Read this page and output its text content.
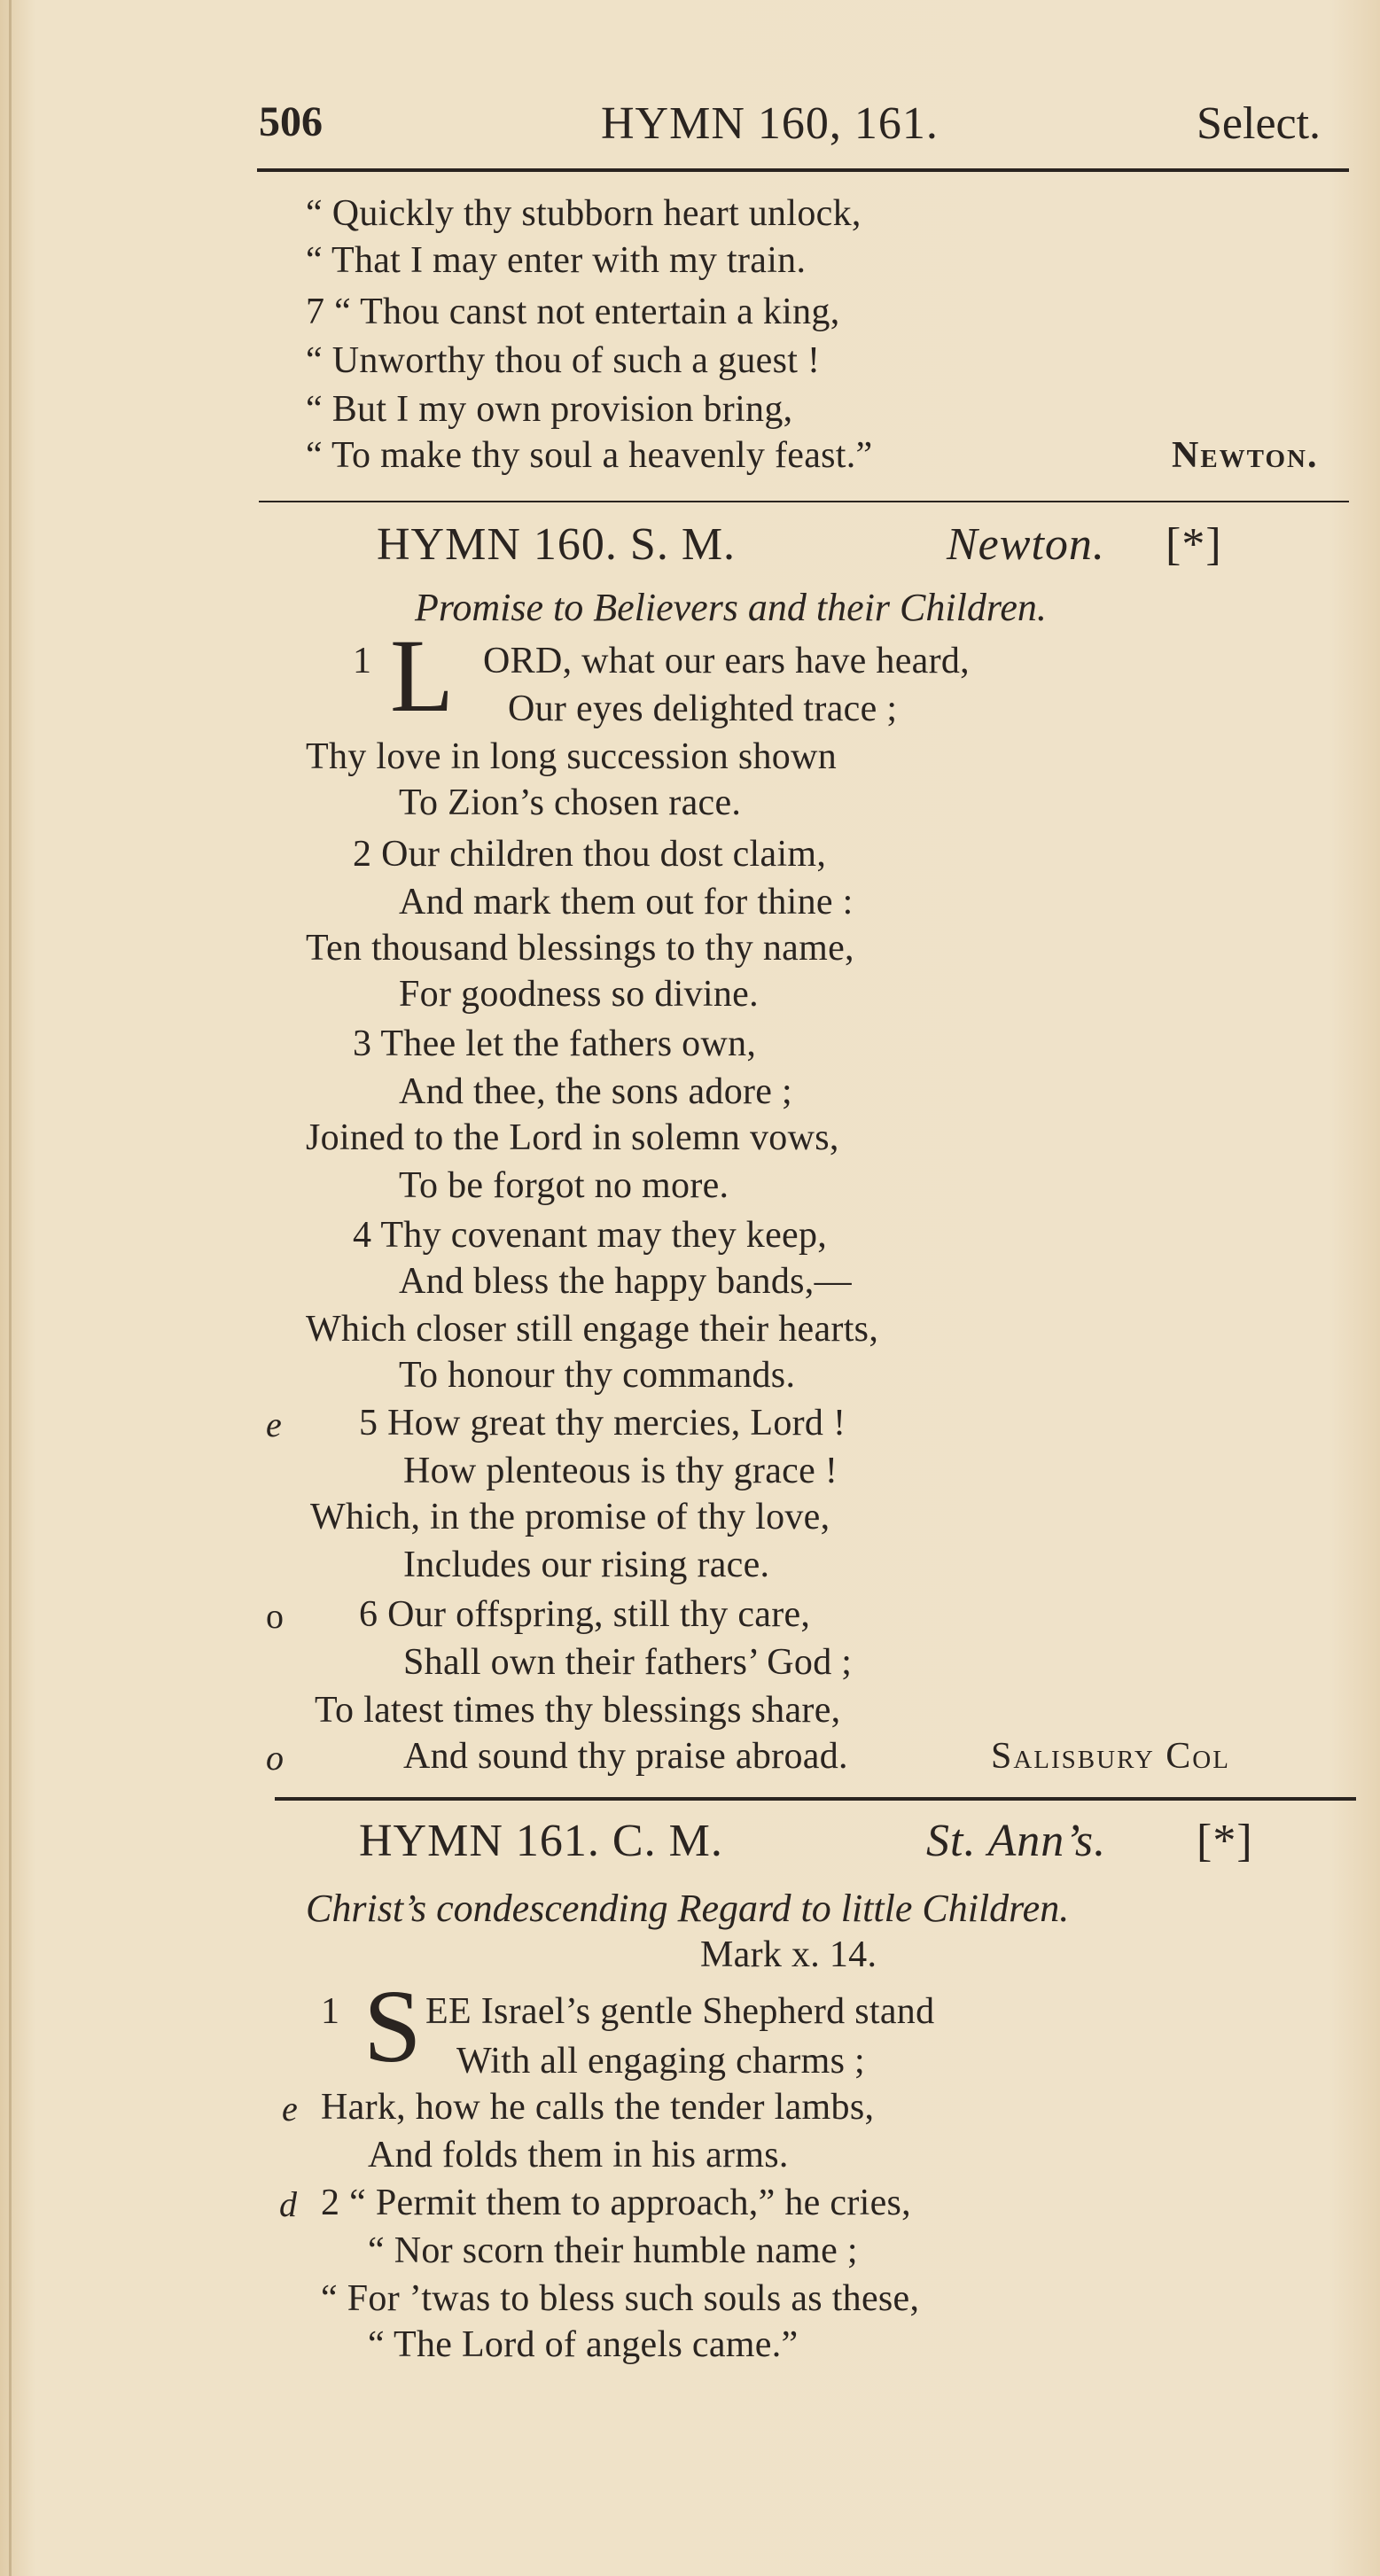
506	HYMN 160, 161.	Select.
“ Quickly thy stubborn heart unlock,
“ That I may enter with my train.
7 “ Thou canst not entertain a king,
“ Unworthy thou of such a guest !
“ But I my own provision bring,
“ To make thy soul a heavenly feast.”	Newton.
HYMN 160. S. M.	Newton. [*]
Promise to Believers and their Children.
1 L ORD, what our ears have heard,
Our eyes delighted trace ;
Thy love in long succession shown
To Zion’s chosen race.
2 Our children thou dost claim,
And mark them out for thine :
Ten thousand blessings to thy name,
For goodness so divine.
3 Thee let the fathers own,
And thee, the sons adore ;
Joined to the Lord in solemn vows,
To be forgot no more.
4 Thy covenant may they keep,
And bless the happy bands,—
Which closer still engage their hearts,
To honour thy commands.
e 5 How great thy mercies, Lord !
How plenteous is thy grace !
Which, in the promise of thy love,
Includes our rising race.
o 6 Our offspring, still thy care,
Shall own their fathers’ God ;
To latest times thy blessings share,
o	And sound thy praise abroad.	Salisbury Col
HYMN 161. C. M.	St. Ann’s. [*]
Christ’s condescending Regard to little Children.
Mark x. 14.
1 S EE Israel’s gentle Shepherd stand
With all engaging charms ;
e Hark, how he calls the tender lambs,
And folds them in his arms.
d 2 “ Permit them to approach,” he cries,
“ Nor scorn their humble name ;
“ For ’twas to bless such souls as these,
“ The Lord of angels came.”
